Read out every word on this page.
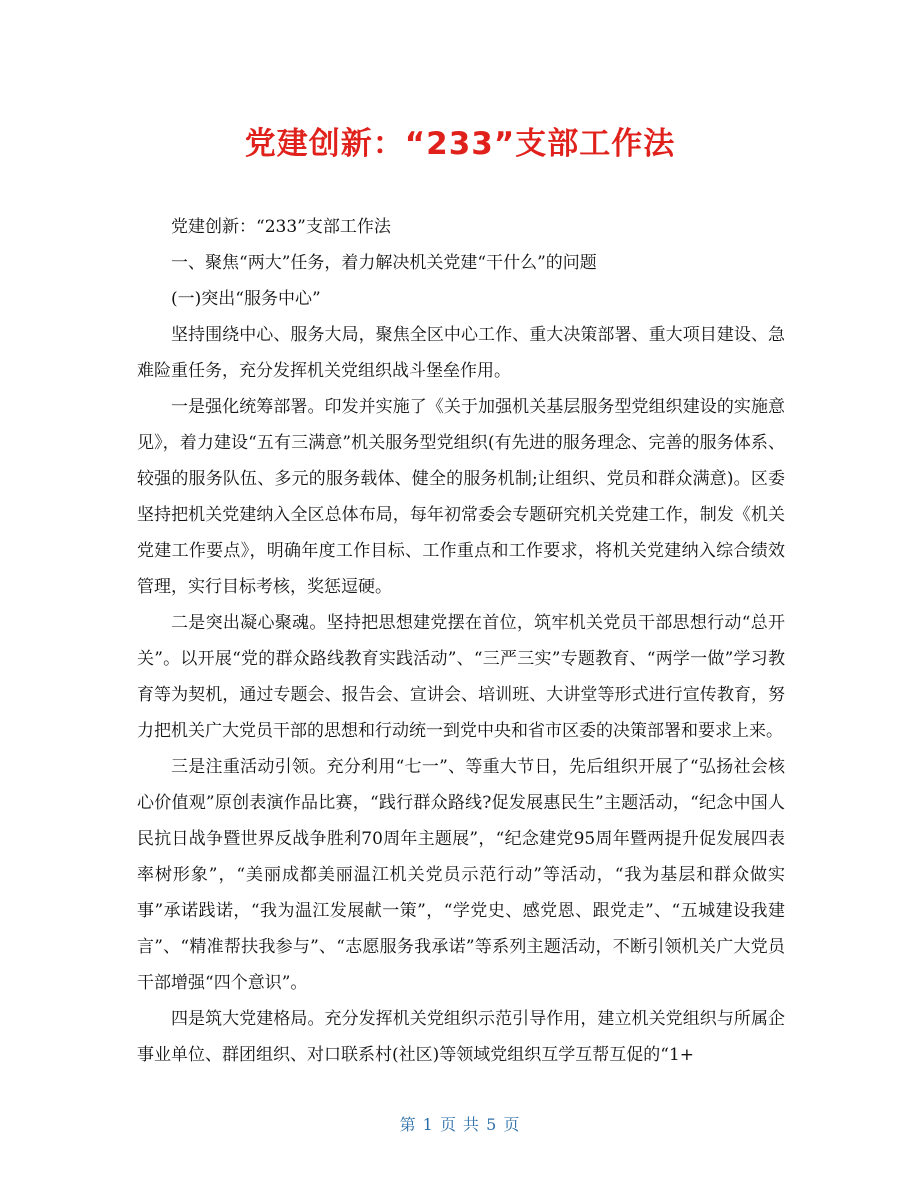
党建创新：“233”支部工作法

党建创新：“233”支部工作法

一、聚焦“两大”任务，着力解决机关党建“干什么”的问题

(一)突出“服务中心”

坚持围绕中心、服务大局，聚焦全区中心工作、重大决策部署、重大项目建设、急难险重任务，充分发挥机关党组织战斗堡垒作用。

一是强化统筹部署。印发并实施了《关于加强机关基层服务型党组织建设的实施意见》，着力建设“五有三满意”机关服务型党组织(有先进的服务理念、完善的服务体系、较强的服务队伍、多元的服务载体、健全的服务机制;让组织、党员和群众满意)。区委坚持把机关党建纳入全区总体布局，每年初常委会专题研究机关党建工作，制发《机关党建工作要点》，明确年度工作目标、工作重点和工作要求，将机关党建纳入综合绩效管理，实行目标考核，奖惩逗硬。

二是突出凝心聚魂。坚持把思想建党摆在首位，筑牢机关党员干部思想行动“总开关”。以开展“党的群众路线教育实践活动”、“三严三实”专题教育、“两学一做”学习教育等为契机，通过专题会、报告会、宣讲会、培训班、大讲堂等形式进行宣传教育，努力把机关广大党员干部的思想和行动统一到党中央和省市区委的决策部署和要求上来。

三是注重活动引领。充分利用“七一”、等重大节日，先后组织开展了“弘扬社会核心价值观”原创表演作品比赛，“践行群众路线?促发展惠民生”主题活动，“纪念中国人民抗日战争暨世界反战争胜利70周年主题展”，“纪念建党95周年暨两提升促发展四表率树形象”，“美丽成都美丽温江机关党员示范行动”等活动，“我为基层和群众做实事”承诺践诺，“我为温江发展献一策”，“学党史、感党恩、跟党走”、“五城建设我建言”、“精准帮扶我参与”、“志愿服务我承诺”等系列主题活动，不断引领机关广大党员干部增强“四个意识”。

四是筑大党建格局。充分发挥机关党组织示范引导作用，建立机关党组织与所属企事业单位、群团组织、对口联系村(社区)等领域党组织互学互帮互促的“1+

第 1 页 共 5 页
